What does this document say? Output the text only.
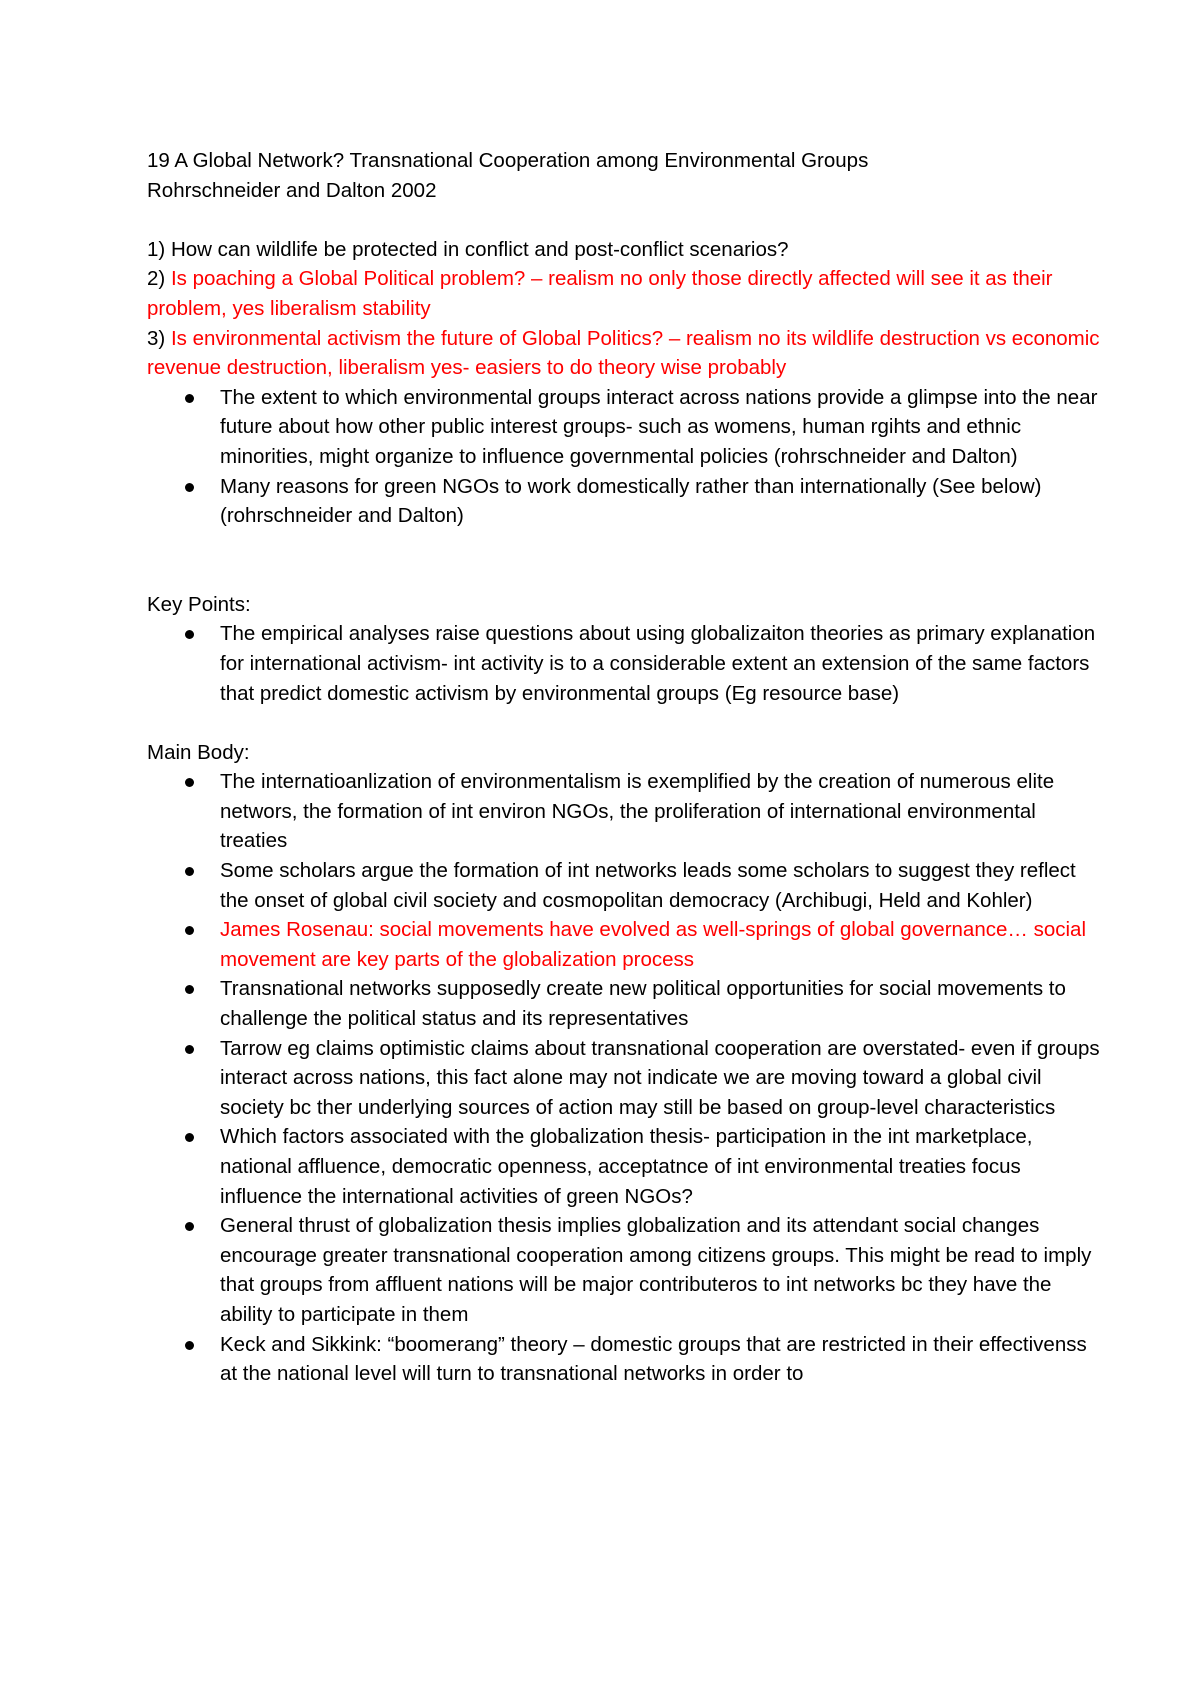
19 A Global Network? Transnational Cooperation among Environmental Groups

Rohrschneider and Dalton 2002

1) How can wildlife be protected in conflict and post-conflict scenarios?

2) Is poaching a Global Political problem? – realism no only those directly affected will see it as their problem, yes liberalism stability

3) Is environmental activism the future of Global Politics? – realism no its wildlife destruction vs economic revenue destruction, liberalism yes- easiers to do theory wise probably

The extent to which environmental groups interact across nations provide a glimpse into the near future about how other public interest groups- such as womens, human rgihts and ethnic minorities, might organize to influence governmental policies (rohrschneider and Dalton)
Many reasons for green NGOs to work domestically rather than internationally (See below) (rohrschneider and Dalton)

Key Points:

The empirical analyses raise questions about using globalizaiton theories as primary explanation for international activism- int activity is to a considerable extent an extension of the same factors that predict domestic activism by environmental groups (Eg resource base)

Main Body:

The internatioanlization of environmentalism is exemplified by the creation of numerous elite networs, the formation of int environ NGOs, the proliferation of international environmental treaties
Some scholars argue the formation of int networks leads some scholars to suggest they reflect the onset of global civil society and cosmopolitan democracy (Archibugi, Held and Kohler)
James Rosenau: social movements have evolved as well-springs of global governance… social movement are key parts of the globalization process
Transnational networks supposedly create new political opportunities for social movements to challenge the political status and its representatives
Tarrow eg claims optimistic claims about transnational cooperation are overstated- even if groups interact across nations, this fact alone may not indicate we are moving toward a global civil society bc ther underlying sources of action may still be based on group-level characteristics
Which factors associated with the globalization thesis- participation in the int marketplace, national affluence, democratic openness, acceptatnce of int environmental treaties focus influence the international activities of green NGOs?
General thrust of globalization thesis implies globalization and its attendant social changes encourage greater transnational cooperation among citizens groups. This might be read to imply that groups from affluent nations will be major contributeros to int networks bc they have the ability to participate in them
Keck and Sikkink: “boomerang” theory – domestic groups that are restricted in their effectivenss at the national level will turn to transnational networks in order to
